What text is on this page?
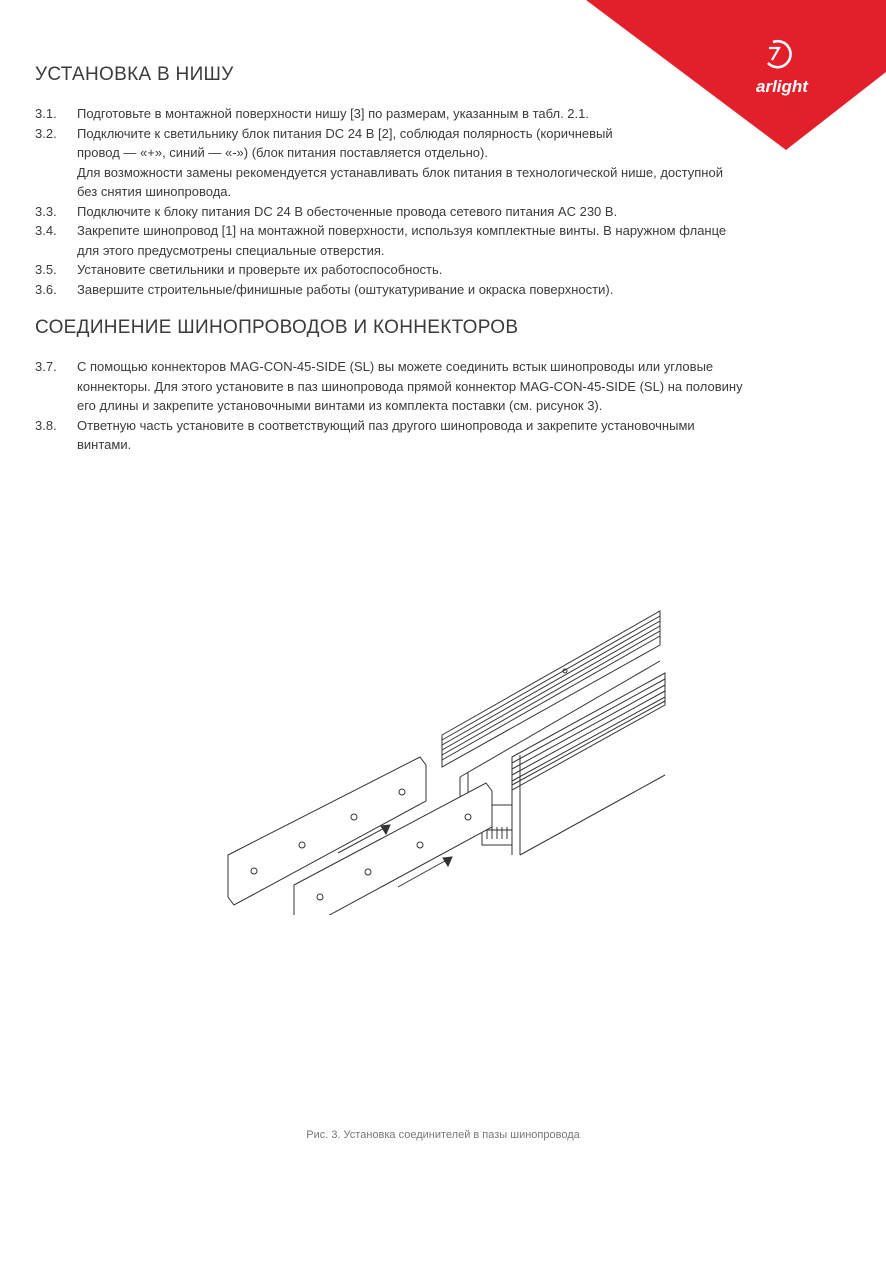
arlight
УСТАНОВКА В НИШУ
3.1. Подготовьте в монтажной поверхности нишу [3] по размерам, указанным в табл. 2.1.
3.2. Подключите к светильнику блок питания DC 24 В [2], соблюдая полярность (коричневый
провод — «+», синий — «-») (блок питания поставляется отдельно).
Для возможности замены рекомендуется устанавливать блок питания в технологической нише, доступной
без снятия шинопровода.
3.3. Подключите к блоку питания DC 24 В обесточенные провода сетевого питания AC 230 В.
3.4. Закрепите шинопровод [1] на монтажной поверхности, используя комплектные винты. В наружном фланце
для этого предусмотрены специальные отверстия.
3.5. Установите светильники и проверьте их работоспособность.
3.6. Завершите строительные/финишные работы (оштукатуривание и окраска поверхности).
СОЕДИНЕНИЕ ШИНОПРОВОДОВ И КОННЕКТОРОВ
3.7. С помощью коннекторов MAG-CON-45-SIDE (SL) вы можете соединить встык шинопроводы или угловые
коннекторы. Для этого установите в паз шинопровода прямой коннектор MAG-CON-45-SIDE (SL) на половину
его длины и закрепите установочными винтами из комплекта поставки (см. рисунок 3).
3.8. Ответную часть установите в соответствующий паз другого шинопровода и закрепите установочными
винтами.

Рис. 3. Установка соединителей в пазы шинопровода
